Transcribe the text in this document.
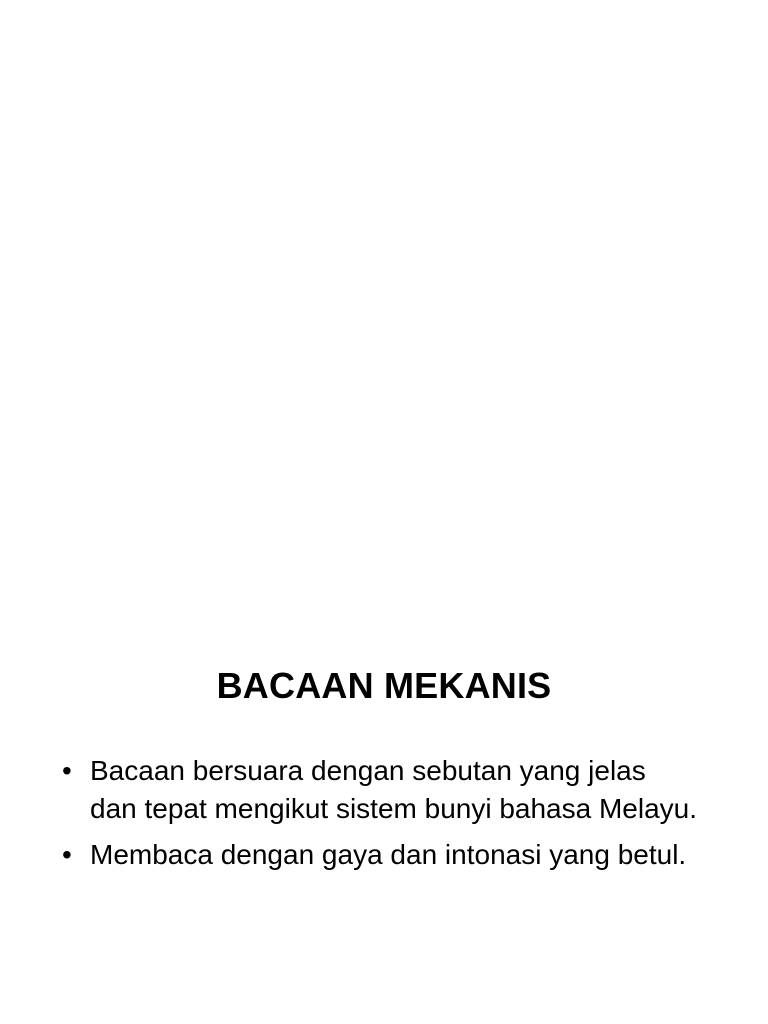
BACAAN MEKANIS
• Bacaan bersuara dengan sebutan yang jelas dan tepat mengikut sistem bunyi bahasa Melayu.
• Membaca dengan gaya dan intonasi yang betul.
